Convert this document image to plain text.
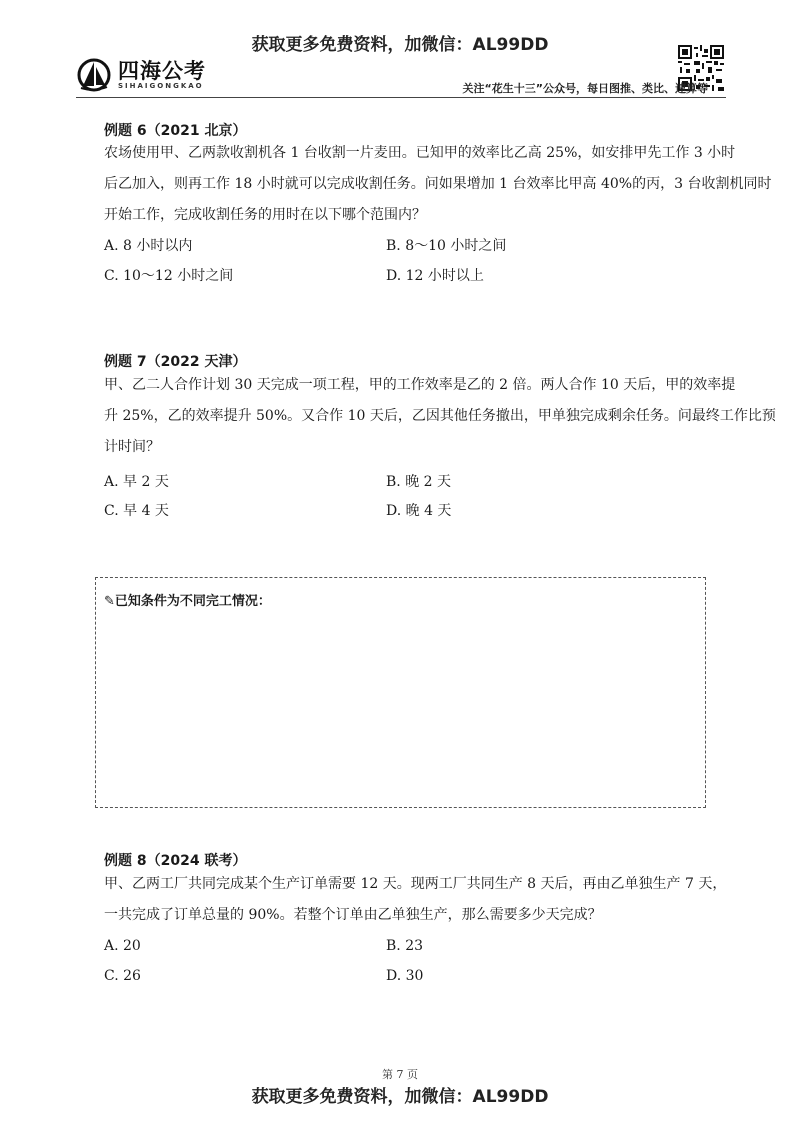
获取更多免费资料，加微信：AL99DD
四海公考
SIHAIGONGKAO	关注“花生十三”公众号，每日图推、类比、速算等
例题 6（2021 北京）
农场使用甲、乙两款收割机各 1 台收割一片麦田。已知甲的效率比乙高 25%，如安排甲先工作 3 小时
后乙加入，则再工作 18 小时就可以完成收割任务。问如果增加 1 台效率比甲高 40%的丙，3 台收割机同时
开始工作，完成收割任务的用时在以下哪个范围内？
A. 8 小时以内	B. 8～10 小时之间
C. 10～12 小时之间	D. 12 小时以上
例题 7（2022 天津）
甲、乙二人合作计划 30 天完成一项工程，甲的工作效率是乙的 2 倍。两人合作 10 天后，甲的效率提
升 25%，乙的效率提升 50%。又合作 10 天后，乙因其他任务撤出，甲单独完成剩余任务。问最终工作比预
计时间？
A. 早 2 天	B. 晚 2 天
C. 早 4 天	D. 晚 4 天
✎已知条件为不同完工情况：
例题 8（2024 联考）
甲、乙两工厂共同完成某个生产订单需要 12 天。现两工厂共同生产 8 天后，再由乙单独生产 7 天，
一共完成了订单总量的 90%。若整个订单由乙单独生产，那么需要多少天完成？
A. 20	B. 23
C. 26	D. 30
第 7 页
获取更多免费资料，加微信：AL99DD
